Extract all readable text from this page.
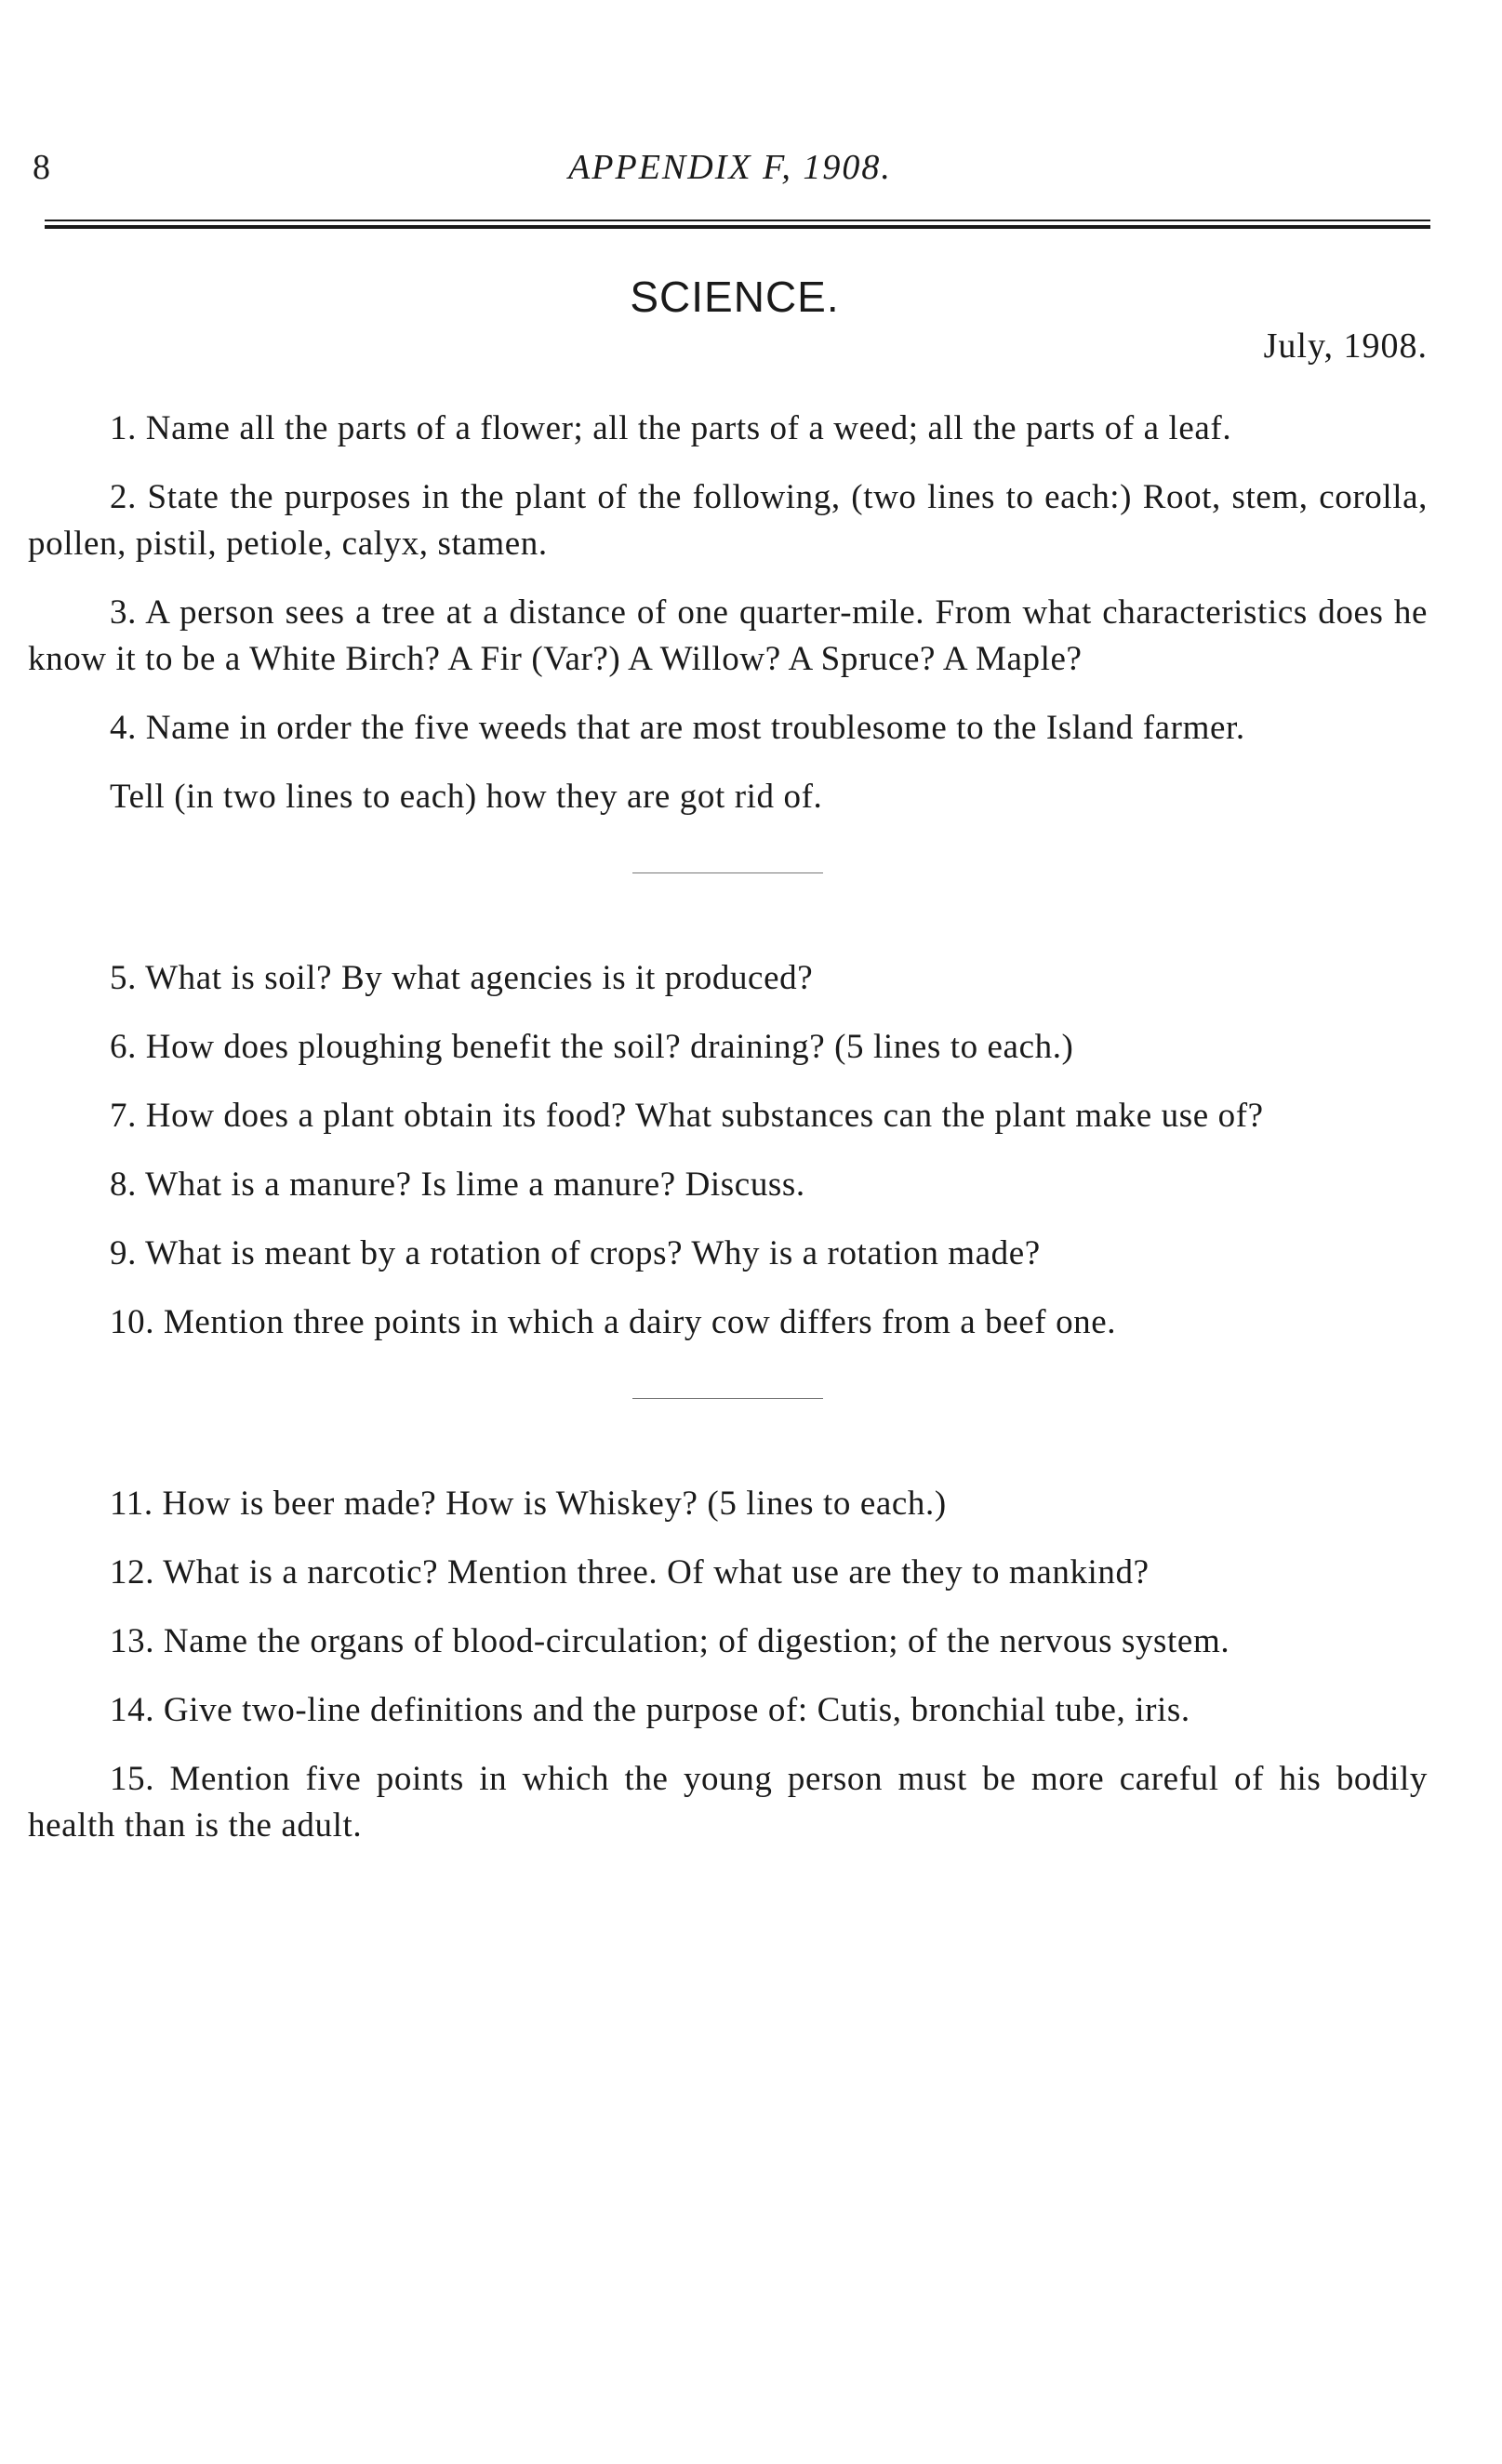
8	APPENDIX F, 1908.
SCIENCE.
July, 1908.

1. Name all the parts of a flower; all the parts of a weed; all the parts of a leaf.

2. State the purposes in the plant of the following, (two lines to each:) Root, stem, corolla, pollen, pistil, petiole, calyx, stamen.

3. A person sees a tree at a distance of one quarter-mile. From what characteristics does he know it to be a White Birch? A Fir (Var?) A Willow? A Spruce? A Maple?

4. Name in order the five weeds that are most troublesome to the Island farmer.

Tell (in two lines to each) how they are got rid of.

5. What is soil? By what agencies is it produced?

6. How does ploughing benefit the soil? draining? (5 lines to each.)

7. How does a plant obtain its food? What substances can the plant make use of?

8. What is a manure? Is lime a manure? Discuss.

9. What is meant by a rotation of crops? Why is a rotation made?

10. Mention three points in which a dairy cow differs from a beef one.

11. How is beer made? How is Whiskey? (5 lines to each.)

12. What is a narcotic? Mention three. Of what use are they to mankind?

13. Name the organs of blood-circulation; of digestion; of the nervous system.

14. Give two-line definitions and the purpose of: Cutis, bronchial tube, iris.

15. Mention five points in which the young person must be more careful of his bodily health than is the adult.
